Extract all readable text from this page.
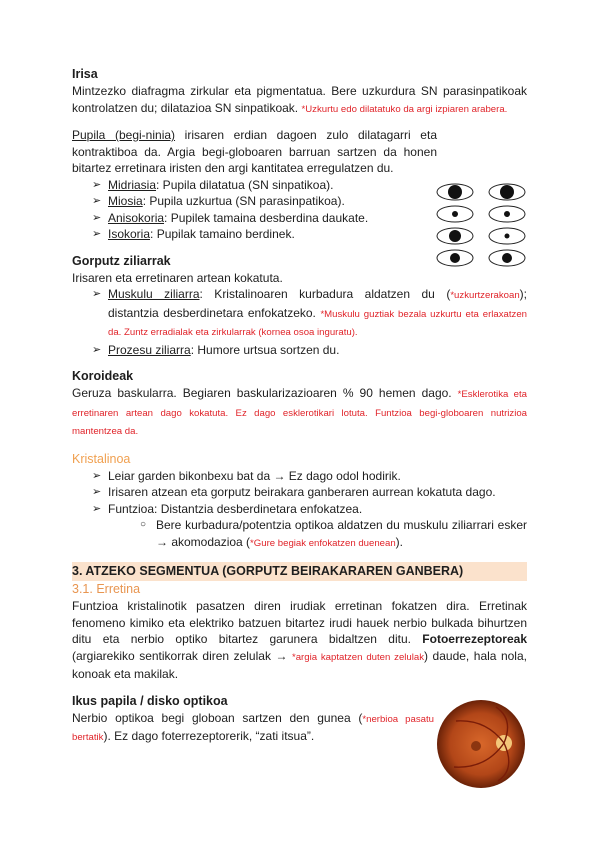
Irisa

Mintzezko diafragma zirkular eta pigmentatua. Bere uzkurdura SN parasinpatikoak kontrolatzen du; dilatazioa SN sinpatikoak. *Uzkurtu edo dilatatuko da argi izpiaren arabera.

Pupila (begi-ninia) irisaren erdian dagoen zulo dilatagarri eta kontraktiboa da. Argia begi-globoaren barruan sartzen da honen bitartez erretinara iristen den argi kantitatea erregulatzen du.

➢ Midriasia: Pupila dilatatua (SN sinpatikoa).
➢ Miosia: Pupila uzkurtua (SN parasinpatikoa).
➢ Anisokoria: Pupilek tamaina desberdina daukate.
➢ Isokoria: Pupilak tamaino berdinek.
Gorputz ziliarrak

Irisaren eta erretinaren artean kokatuta.

➢ Muskulu ziliarra: Kristalinoaren kurbadura aldatzen du (*uzkurtzerakoan); distantzia desberdinetara enfokatzeko. *Muskulu guztiak bezala uzkurtu eta erlaxatzen da. Zuntz erradialak eta zirkularrak (kornea osoa inguratu).
➢ Prozesu ziliarra: Humore urtsua sortzen du.
Koroideak

Geruza baskularra. Begiaren baskularizazioaren % 90 hemen dago. *Esklerotika eta erretinaren artean dago kokatuta. Ez dago esklerotikari lotuta. Funtzioa begi-globoaren nutrizioa mantentzea da.

Kristalinoa
➢ Leiar garden bikonbexu bat da → Ez dago odol hodirik.
➢ Irisaren atzean eta gorputz beirakara ganberaren aurrean kokatuta dago.
➢ Funtzioa: Distantzia desberdinetara enfokatzea.
○ Bere kurbadura/potentzia optikoa aldatzen du muskulu ziliarrari esker → akomodazioa (*Gure begiak enfokatzen duenean).
3. ATZEKO SEGMENTUA (GORPUTZ BEIRAKARAREN GANBERA)
3.1. Erretina

Funtzioa kristalinotik pasatzen diren irudiak erretinan fokatzen dira. Erretinak fenomeno kimiko eta elektriko batzuen bitartez irudi hauek nerbio bulkada bihurtzen ditu eta nerbio optiko bitartez garunera bidaltzen ditu. Fotoerrezeptoreak (argiarekiko sentikorrak diren zelulak → *argia kaptatzen duten zelulak) daude, hala nola, konoak eta makilak.

Ikus papila / disko optikoa

Nerbio optikoa begi globoan sartzen den gunea (*nerbioa pasatu bertatik). Ez dago foterrezeptorerik, “zati itsua”.
